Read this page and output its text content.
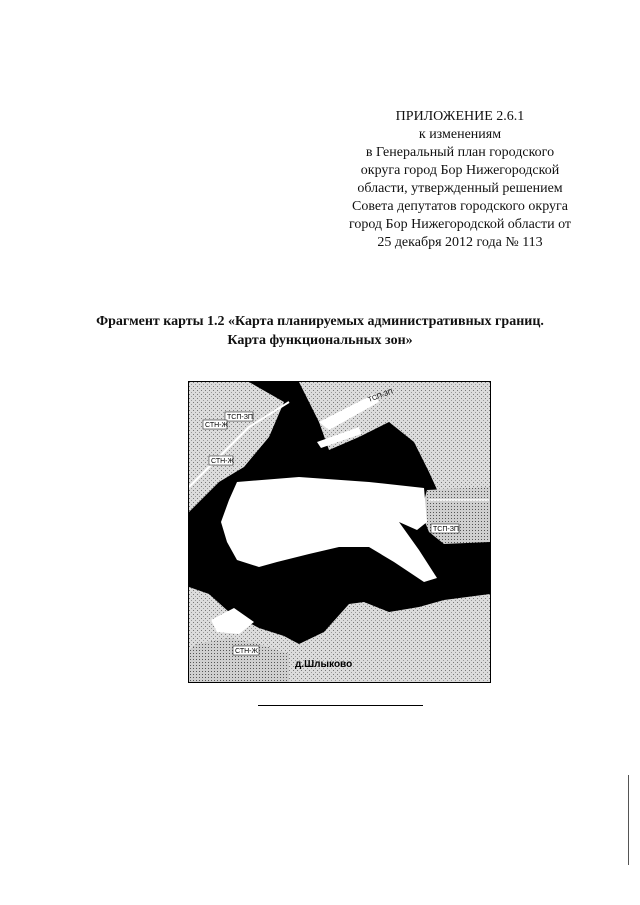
ПРИЛОЖЕНИЕ 2.6.1
к изменениям
в Генеральный план городского
округа город Бор Нижегородской
области, утвержденный решением
Совета депутатов городского округа
город Бор Нижегородской области от
25 декабря 2012 года № 113
Фрагмент карты 1.2 «Карта планируемых административных границ.
Карта функциональных зон»
ТСП-ЗП
СТН-Ж
ТСП-ЗП
СТН-Ж
ТСП-ЗП
СТН-Ж
д.Шлыково
